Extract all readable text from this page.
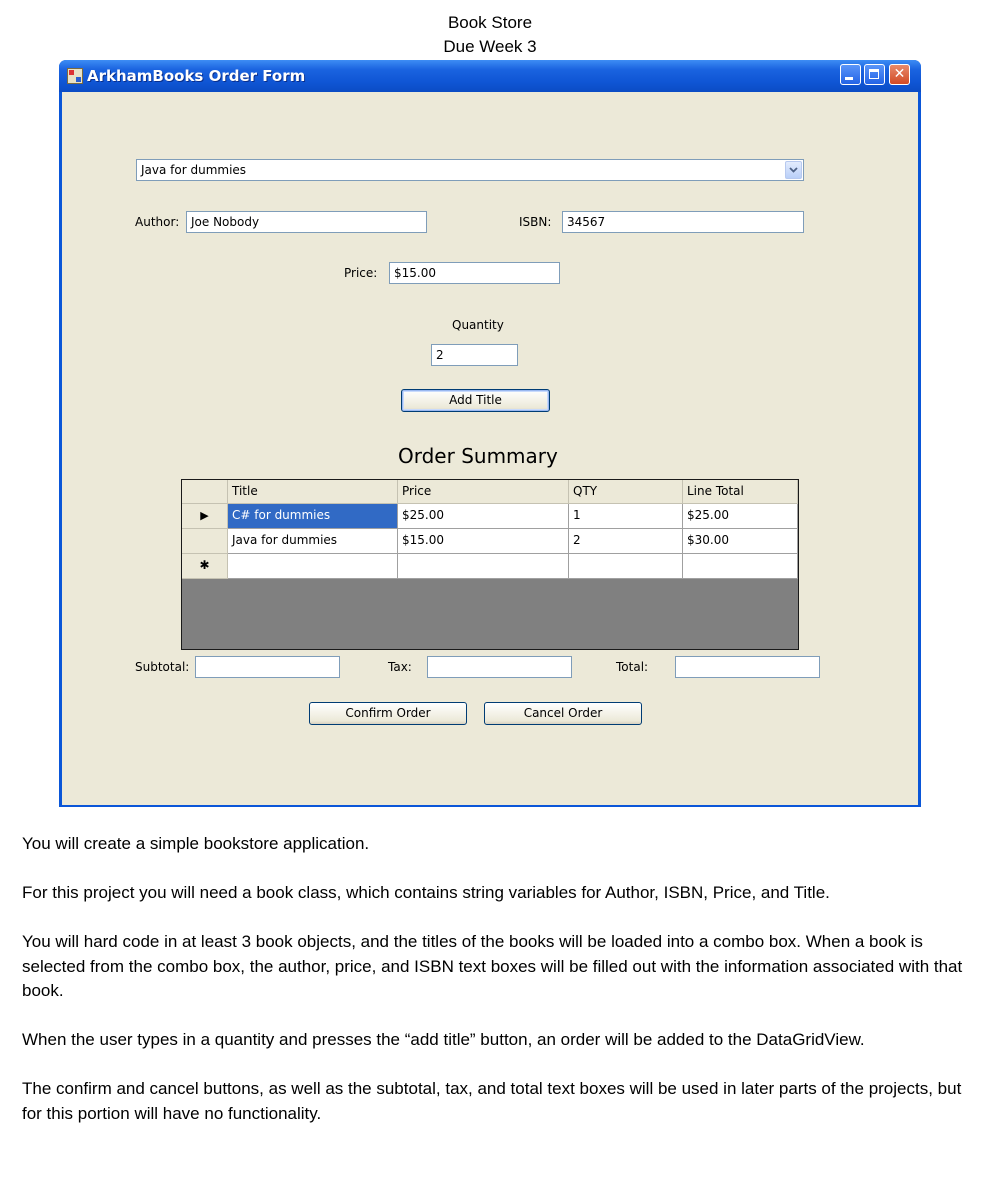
Book Store
Due Week 3
ArkhamBooks Order Form	✕
Java for dummies
Author: Joe Nobody	ISBN:	34567
Price:	$15.00
Quantity
2
Add Title
Order Summary
Title	Price	QTY	Line Total
▶	C# for dummies	$25.00	1	$25.00
Java for dummies	$15.00	2	$30.00
✱
Subtotal:	Tax:	Total:
Confirm Order	Cancel Order
You will create a simple bookstore application.
For this project you will need a book class, which contains string variables for Author, ISBN, Price, and Title.
You will hard code in at least 3 book objects, and the titles of the books will be loaded into a combo box. When a book is selected from the combo box, the author, price, and ISBN text boxes will be filled out with the information associated with that book.
When the user types in a quantity and presses the “add title” button, an order will be added to the DataGridView.
The confirm and cancel buttons, as well as the subtotal, tax, and total text boxes will be used in later parts of the projects, but for this portion will have no functionality.
